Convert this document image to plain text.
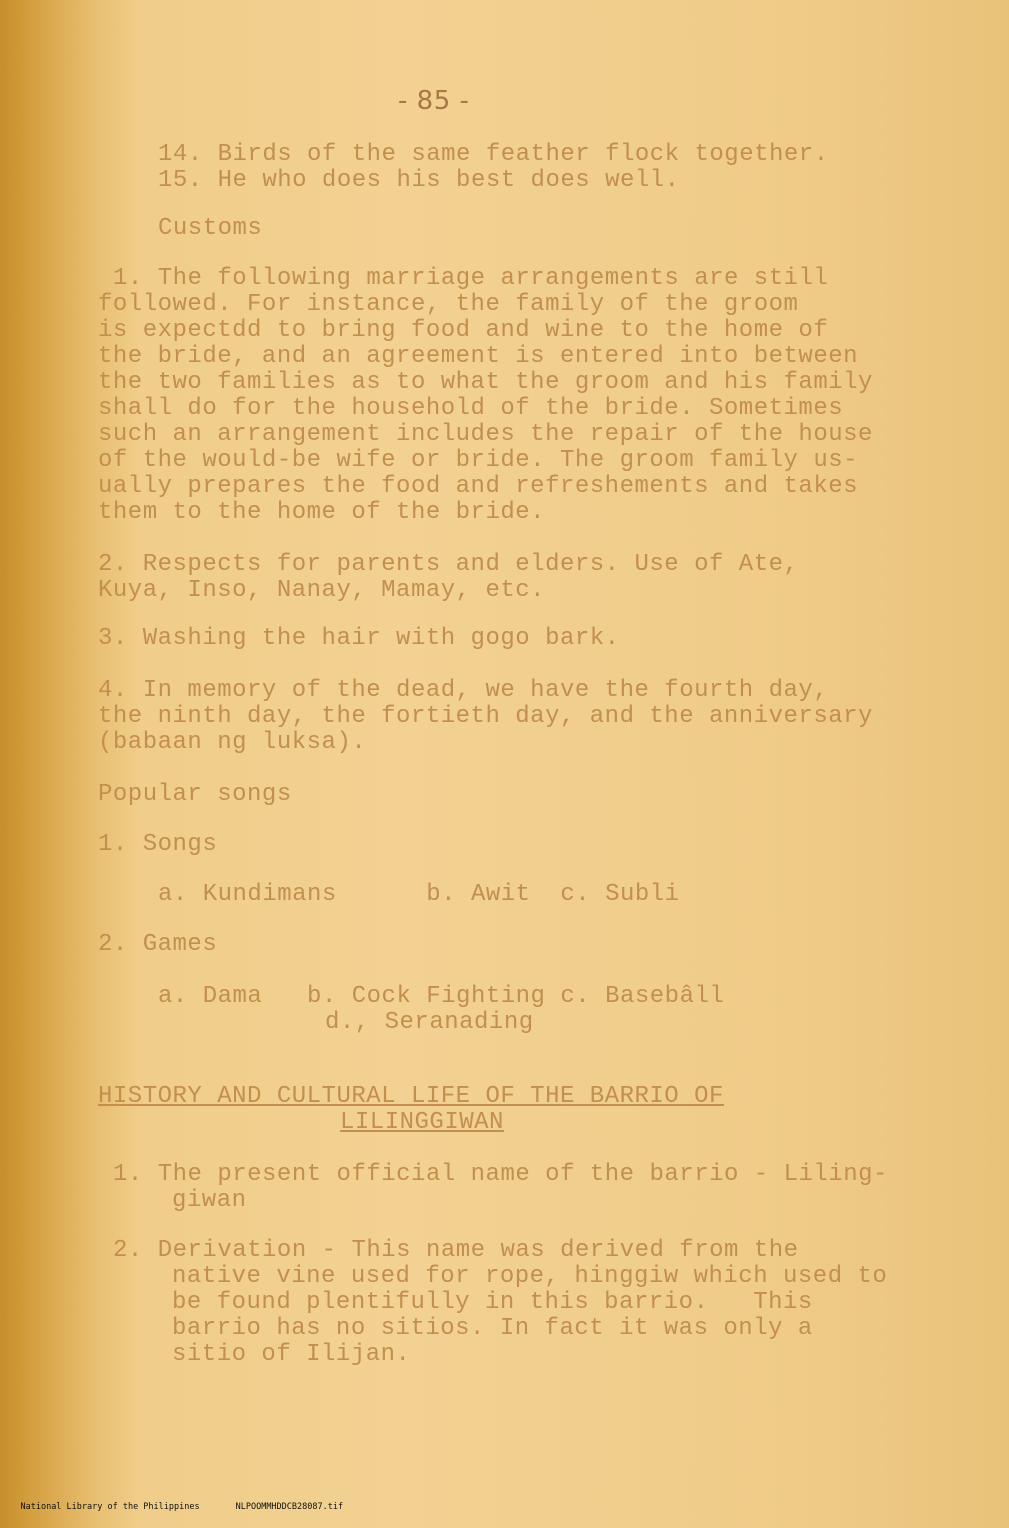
- 85 -
14. Birds of the same feather flock together.
15. He who does his best does well.
Customs
1. The following marriage arrangements are still
followed. For instance, the family of the groom
is expectdd to bring food and wine to the home of
the bride, and an agreement is entered into between
the two families as to what the groom and his family
shall do for the household of the bride. Sometimes
such an arrangement includes the repair of the house
of the would-be wife or bride. The groom family us-
ually prepares the food and refreshements and takes
them to the home of the bride.
2. Respects for parents and elders. Use of Ate,
Kuya, Inso, Nanay, Mamay, etc.
3. Washing the hair with gogo bark.
4. In memory of the dead, we have the fourth day,
the ninth day, the fortieth day, and the anniversary
(babaan ng luksa).
Popular songs
1. Songs
a. Kundimans      b. Awit  c. Subli
2. Games
a. Dama   b. Cock Fighting c. Basebâll
d., Seranading
HISTORY AND CULTURAL LIFE OF THE BARRIO OF
LILINGGIWAN
1. The present official name of the barrio - Liling-
giwan
2. Derivation - This name was derived from the
native vine used for rope, hinggiw which used to
be found plentifully in this barrio.   This
barrio has no sitios. In fact it was only a
sitio of Ilijan.

National Library of the Philippines	NLPOOMMHDDCB28087.tif
